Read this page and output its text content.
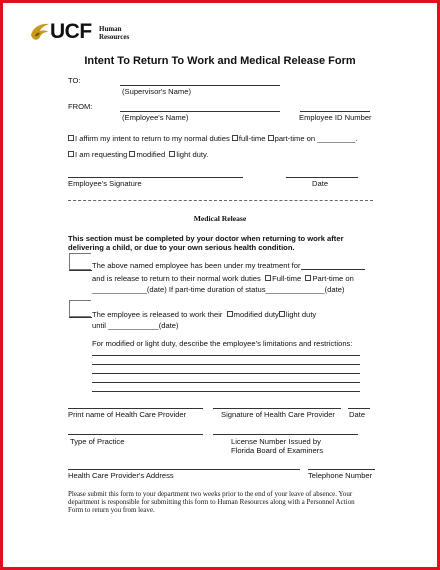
UCF Human
Resources
Intent To Return To Work and Medical Release Form
TO:
(Supervisor's Name)
FROM:
(Employee's Name)	Employee ID Number
I affirm my intent to return to my normal duties full-time part-time on _________.
I am requesting modified light duty.
Employee's Signature	Date
Medical Release
This section must be completed by your doctor when returning to work after
delivering a child, or due to your own serious health condition.
The above named employee has been under my treatment for
and is release to return to their normal work duties Full-time Part-time on
_____________(date) If part-time duration of status______________(date)
The employee is released to work their modified duty light duty
until ____________(date)
For modified or light duty, describe the employee's limitations and restrictions:
Print name of Health Care Provider	Signature of Health Care Provider Date
Type of Practice	License Number Issued by
Florida Board of Examiners
Health Care Provider's Address	Telephone Number
Please submit this form to your department two weeks prior to the end of your leave of absence. Your
department is responsible for submitting this form to Human Resources along with a Personnel Action
Form to return you from leave.
